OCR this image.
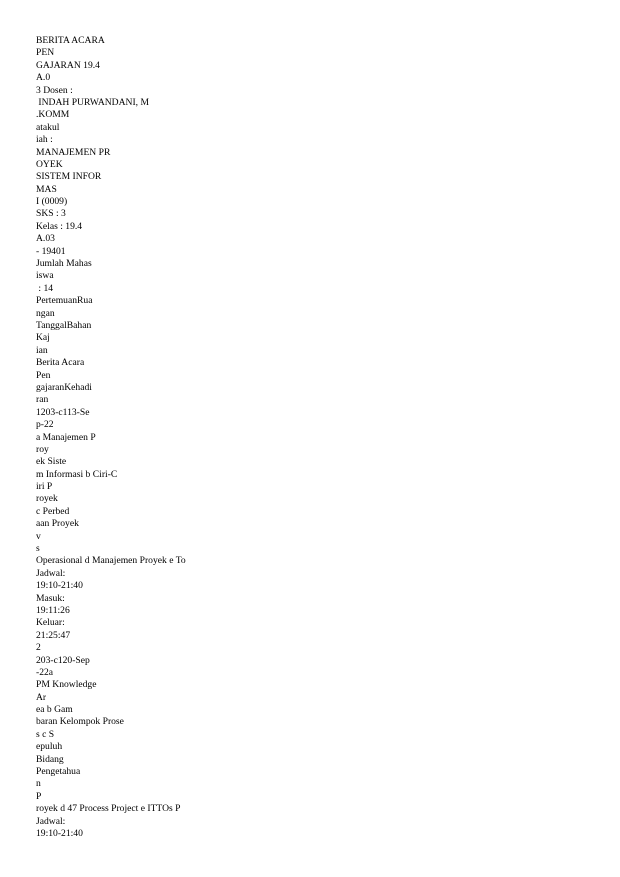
BERITA ACARA
PEN
GAJARAN 19.4
A.0
3 Dosen :
INDAH PURWANDANI, M
.KOMM
atakul
iah :
MANAJEMEN PR
OYEK
SISTEM INFOR
MAS
I (0009)
SKS : 3
Kelas : 19.4
A.03
- 19401
Jumlah Mahas
iswa
: 14
PertemuanRua
ngan
TanggalBahan
Kaj
ian
Berita Acara
Pen
gajaranKehadi
ran
1203-c113-Se
p-22
a Manajemen P
roy
ek Siste
m Informasi b Ciri-C
iri P
royek
c Perbed
aan Proyek
v
s
Operasional d Manajemen Proyek e To
Jadwal:
19:10-21:40
Masuk:
19:11:26
Keluar:
21:25:47
2
203-c120-Sep
-22a
PM Knowledge
Ar
ea b Gam
baran Kelompok Prose
s c S
epuluh
Bidang
Pengetahua
n
P
royek d 47 Process Project e ITTOs P
Jadwal:
19:10-21:40
